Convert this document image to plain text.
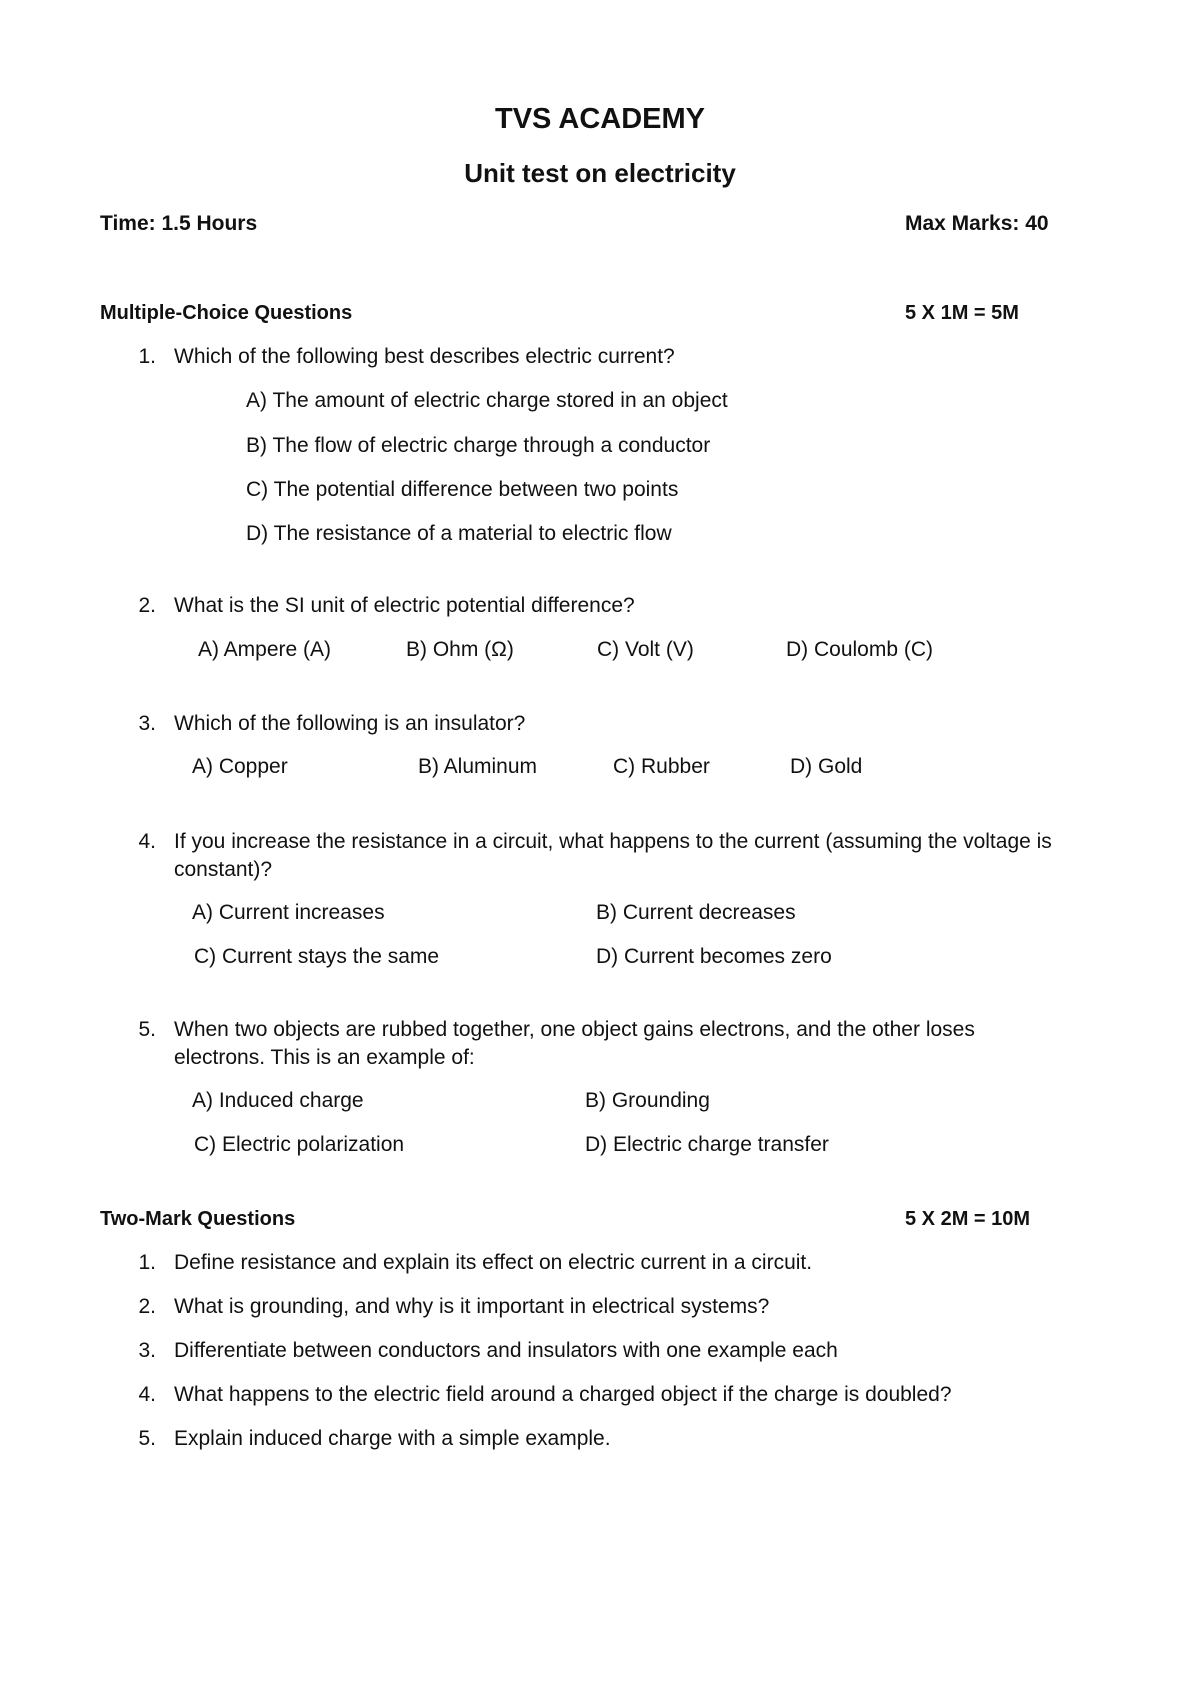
TVS ACADEMY
Unit test on electricity
Time: 1.5 Hours	Max Marks: 40
Multiple-Choice Questions	5 X 1M = 5M
1. Which of the following best describes electric current?
A) The amount of electric charge stored in an object
B) The flow of electric charge through a conductor
C) The potential difference between two points
D) The resistance of a material to electric flow
2. What is the SI unit of electric potential difference?
A) Ampere (A)	B) Ohm (Ω)	C) Volt (V)	D) Coulomb (C)
3. Which of the following is an insulator?
A) Copper	B) Aluminum	C) Rubber	D) Gold
4. If you increase the resistance in a circuit, what happens to the current (assuming the voltage is
constant)?
A) Current increases	B) Current decreases
C) Current stays the same	D) Current becomes zero
5. When two objects are rubbed together, one object gains electrons, and the other loses
electrons. This is an example of:
A) Induced charge	B) Grounding
C) Electric polarization	D) Electric charge transfer
Two-Mark Questions	5 X 2M = 10M
1. Define resistance and explain its effect on electric current in a circuit.
2. What is grounding, and why is it important in electrical systems?
3. Differentiate between conductors and insulators with one example each
4. What happens to the electric field around a charged object if the charge is doubled?
5. Explain induced charge with a simple example.
